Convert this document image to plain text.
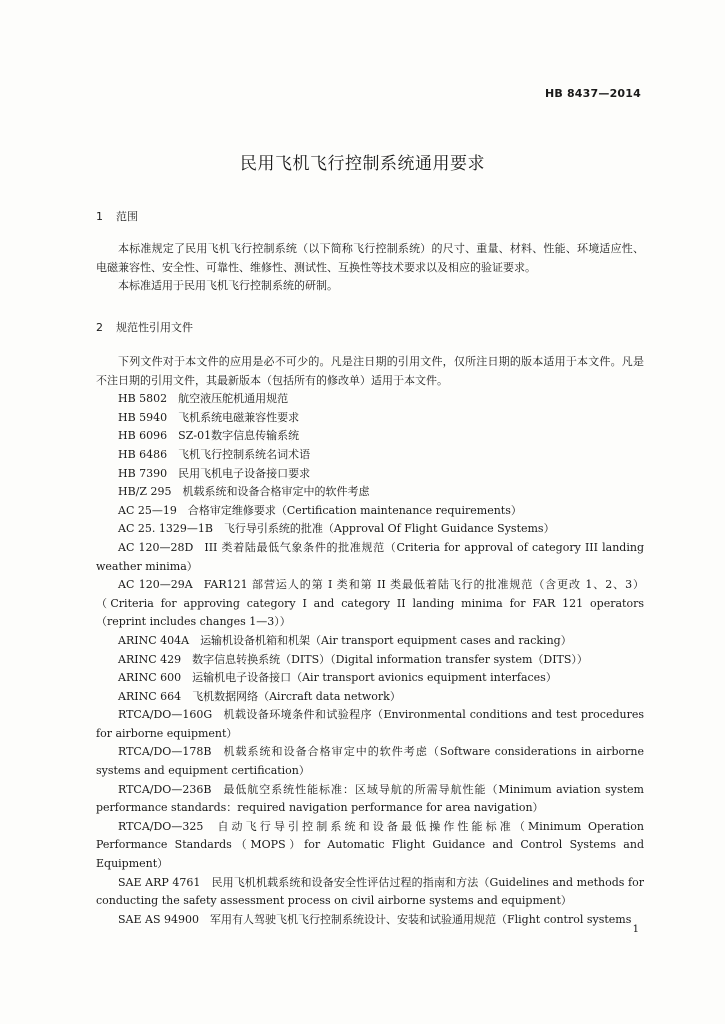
HB 8437—2014
民用飞机飞行控制系统通用要求
1 范围

本标准规定了民用飞机飞行控制系统（以下简称飞行控制系统）的尺寸、重量、材料、性能、环境适应性、电磁兼容性、安全性、可靠性、维修性、测试性、互换性等技术要求以及相应的验证要求。

本标准适用于民用飞机飞行控制系统的研制。

2 规范性引用文件

下列文件对于本文件的应用是必不可少的。凡是注日期的引用文件，仅所注日期的版本适用于本文件。凡是不注日期的引用文件，其最新版本（包括所有的修改单）适用于本文件。

HB 5802  航空液压舵机通用规范

HB 5940  飞机系统电磁兼容性要求

HB 6096  SZ-01数字信息传输系统

HB 6486  飞机飞行控制系统名词术语

HB 7390  民用飞机电子设备接口要求

HB/Z 295  机载系统和设备合格审定中的软件考虑

AC 25—19  合格审定维修要求（Certification maintenance requirements）

AC 25. 1329—1B  飞行导引系统的批准（Approval Of Flight Guidance Systems）

AC 120—28D  III 类着陆最低气象条件的批准规范（Criteria for approval of category III landing weather minima）

AC 120—29A  FAR121 部营运人的第 I 类和第 II 类最低着陆飞行的批准规范（含更改 1、2、3）（Criteria for approving category I and category II landing minima for FAR 121 operators（reprint includes changes 1—3））

ARINC 404A  运输机设备机箱和机架（Air transport equipment cases and racking）

ARINC 429  数字信息转换系统（DITS）（Digital information transfer system（DITS））

ARINC 600  运输机电子设备接口（Air transport avionics equipment interfaces）

ARINC 664  飞机数据网络（Aircraft data network）

RTCA/DO—160G  机载设备环境条件和试验程序（Environmental conditions and test procedures for airborne equipment）

RTCA/DO—178B  机载系统和设备合格审定中的软件考虑（Software considerations in airborne systems and equipment certification）

RTCA/DO—236B  最低航空系统性能标准：区域导航的所需导航性能（Minimum aviation system performance standards：required navigation performance for area navigation）

RTCA/DO—325  自动飞行导引控制系统和设备最低操作性能标准（Minimum Operation Performance Standards（MOPS）for Automatic Flight Guidance and Control Systems and Equipment）

SAE ARP 4761  民用飞机机载系统和设备安全性评估过程的指南和方法（Guidelines and methods for conducting the safety assessment process on civil airborne systems and equipment）

SAE AS 94900  军用有人驾驶飞机飞行控制系统设计、安装和试验通用规范（Flight control systems

1
